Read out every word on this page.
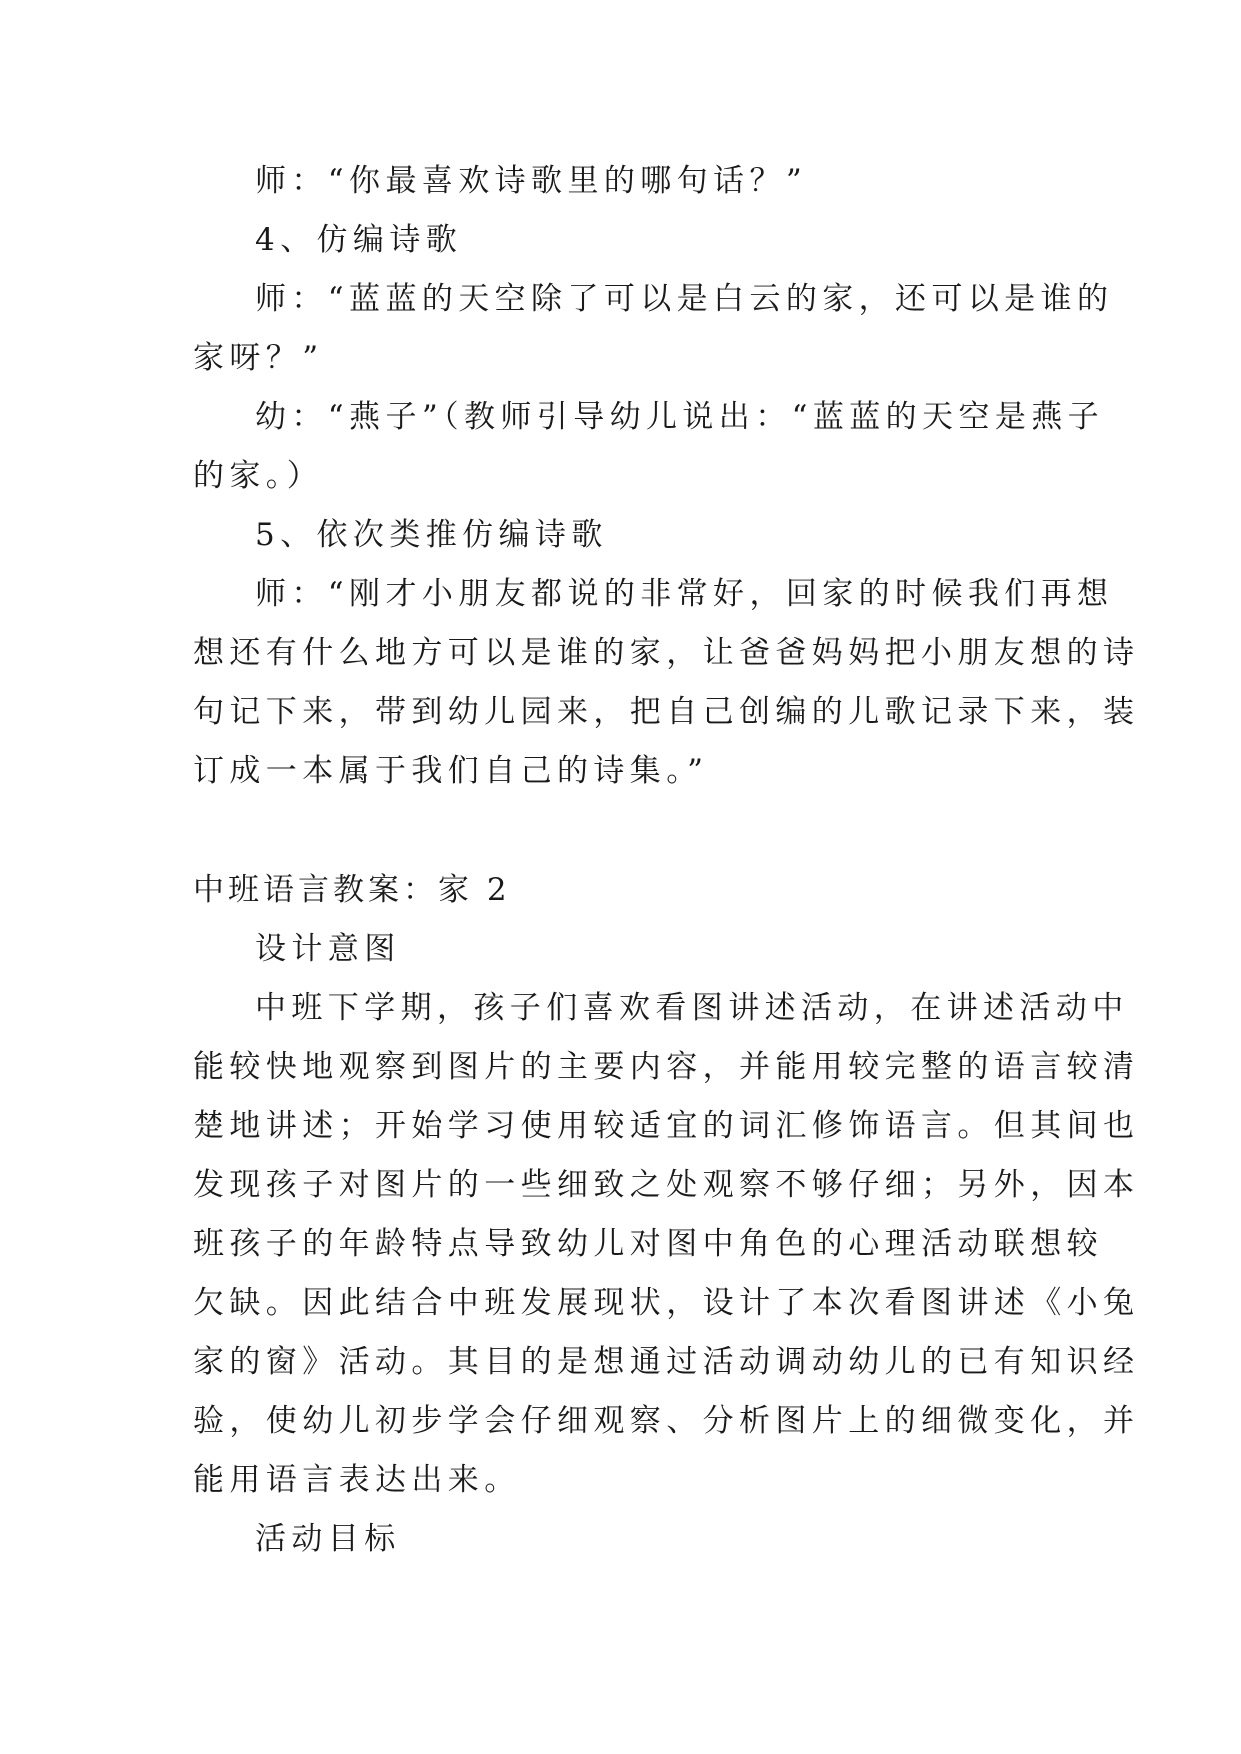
师：“你最喜欢诗歌里的哪句话？”

4、仿编诗歌

师：“蓝蓝的天空除了可以是白云的家，还可以是谁的

家呀？”

幼：“燕子”（教师引导幼儿说出：“蓝蓝的天空是燕子

的家。）

5、依次类推仿编诗歌

师：“刚才小朋友都说的非常好，回家的时候我们再想

想还有什么地方可以是谁的家，让爸爸妈妈把小朋友想的诗

句记下来，带到幼儿园来，把自己创编的儿歌记录下来，装

订成一本属于我们自己的诗集。”

中班语言教案：家 2

设计意图

中班下学期，孩子们喜欢看图讲述活动，在讲述活动中

能较快地观察到图片的主要内容，并能用较完整的语言较清

楚地讲述；开始学习使用较适宜的词汇修饰语言。但其间也

发现孩子对图片的一些细致之处观察不够仔细；另外，因本

班孩子的年龄特点导致幼儿对图中角色的心理活动联想较

欠缺。因此结合中班发展现状，设计了本次看图讲述《小兔

家的窗》活动。其目的是想通过活动调动幼儿的已有知识经

验，使幼儿初步学会仔细观察、分析图片上的细微变化，并

能用语言表达出来。

活动目标
